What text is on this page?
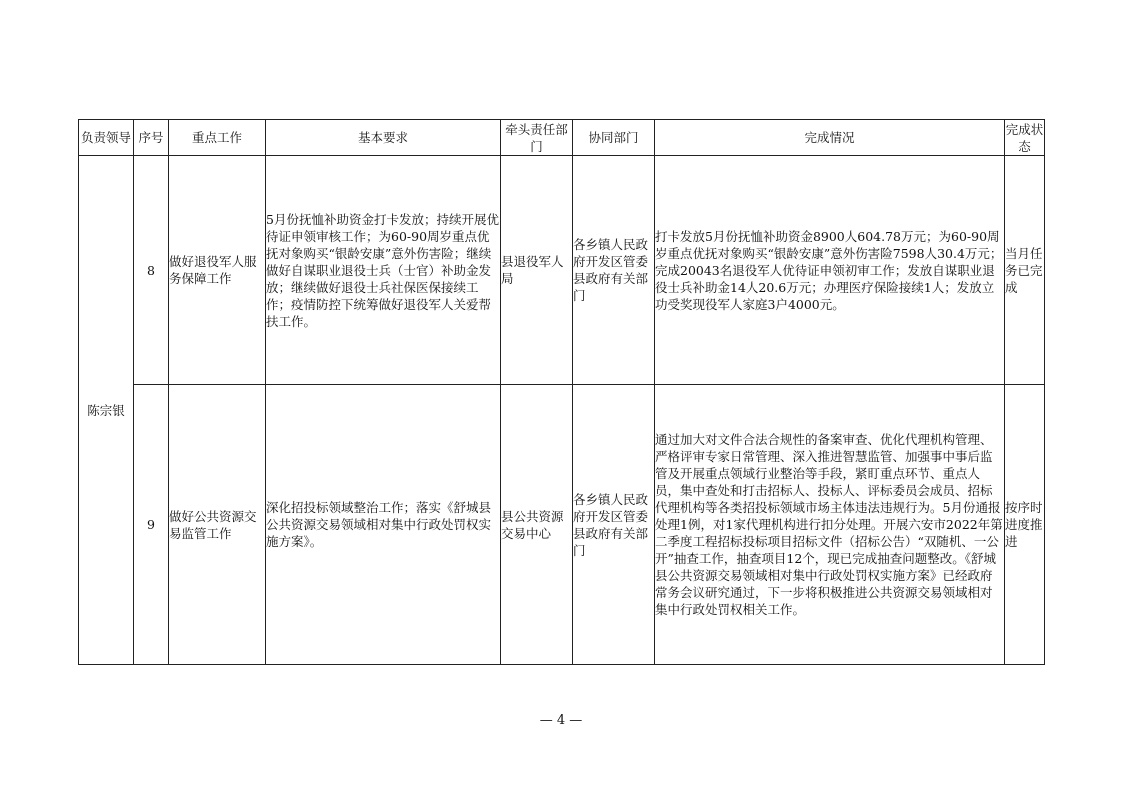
负责领导	序号	重点工作	基本要求	牵头责任部门	协同部门	完成情况	完成状态
陈宗银	8	做好退役军人服务保障工作	5月份抚恤补助资金打卡发放；持续开展优待证申领审核工作；为60-90周岁重点优抚对象购买“银龄安康”意外伤害险；继续做好自谋职业退役士兵（士官）补助金发放；继续做好退役士兵社保医保接续工作；疫情防控下统筹做好退役军人关爱帮扶工作。	县退役军人局	各乡镇人民政府开发区管委县政府有关部门	打卡发放5月份抚恤补助资金8900人604.78万元；为60-90周岁重点优抚对象购买“银龄安康”意外伤害险7598人30.4万元；完成20043名退役军人优待证申领初审工作；发放自谋职业退役士兵补助金14人20.6万元；办理医疗保险接续1人；发放立功受奖现役军人家庭3户4000元。	当月任务已完成
	9	做好公共资源交易监管工作	深化招投标领域整治工作；落实《舒城县公共资源交易领域相对集中行政处罚权实施方案》。	县公共资源交易中心	各乡镇人民政府开发区管委县政府有关部门	通过加大对文件合法合规性的备案审查、优化代理机构管理、严格评审专家日常管理、深入推进智慧监管、加强事中事后监管及开展重点领域行业整治等手段，紧盯重点环节、重点人员，集中查处和打击招标人、投标人、评标委员会成员、招标代理机构等各类招投标领域市场主体违法违规行为。5月份通报处理1例，对1家代理机构进行扣分处理。开展六安市2022年第二季度工程招标投标项目招标文件（招标公告）“双随机、一公开”抽查工作，抽查项目12个，现已完成抽查问题整改。《舒城县公共资源交易领域相对集中行政处罚权实施方案》已经政府常务会议研究通过，下一步将积极推进公共资源交易领域相对集中行政处罚权相关工作。	按序时进度推进
— 4 —
